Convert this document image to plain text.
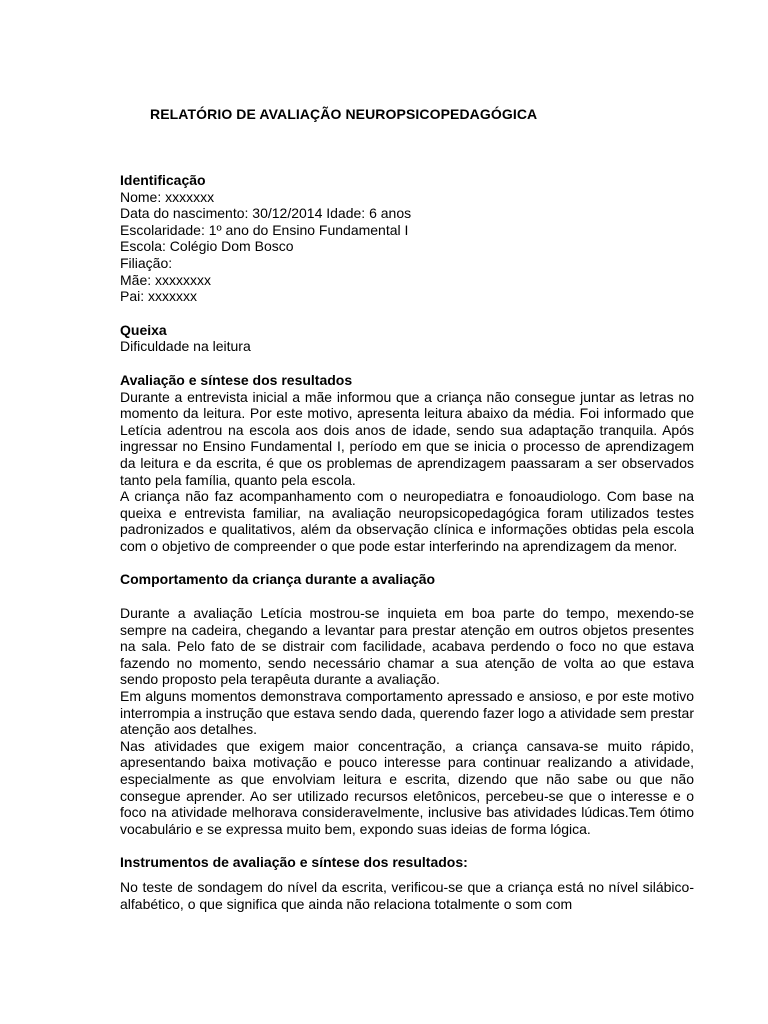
RELATÓRIO DE AVALIAÇÃO NEUROPSICOPEDAGÓGICA

Identificação

Nome: xxxxxxx

Data do nascimento: 30/12/2014 Idade: 6 anos

Escolaridade: 1º ano do Ensino Fundamental I

Escola: Colégio Dom Bosco

Filiação:

Mãe: xxxxxxxx

Pai: xxxxxxx

Queixa

Dificuldade na leitura

Avaliação e síntese dos resultados

Durante a entrevista inicial a mãe informou que a criança não consegue juntar as letras no momento da leitura. Por este motivo, apresenta leitura abaixo da média. Foi informado que Letícia adentrou na escola aos dois anos de idade, sendo sua adaptação tranquila. Após ingressar no Ensino Fundamental I, período em que se inicia o processo de aprendizagem da leitura e da escrita, é que os problemas de aprendizagem paassaram a ser observados tanto pela família, quanto pela escola.

A criança não faz acompanhamento com o neuropediatra e fonoaudiologo. Com base na queixa e entrevista familiar, na avaliação neuropsicopedagógica foram utilizados testes padronizados e qualitativos, além da observação clínica e informações obtidas pela escola com o objetivo de compreender o que pode estar interferindo na aprendizagem da menor.

Comportamento da criança durante a avaliação

Durante a avaliação Letícia mostrou-se inquieta em boa parte do tempo, mexendo-se sempre na cadeira, chegando a levantar para prestar atenção em outros objetos presentes na sala. Pelo fato de se distrair com facilidade, acabava perdendo o foco no que estava fazendo no momento, sendo necessário chamar a sua atenção de volta ao que estava sendo proposto pela terapêuta durante a avaliação.

Em alguns momentos demonstrava comportamento apressado e ansioso, e por este motivo interrompia a instrução que estava sendo dada, querendo fazer logo a atividade sem prestar atenção aos detalhes.

Nas atividades que exigem maior concentração, a criança cansava-se muito rápido, apresentando baixa motivação e pouco interesse para continuar realizando a atividade, especialmente as que envolviam leitura e escrita, dizendo que não sabe ou que não consegue aprender. Ao ser utilizado recursos eletônicos, percebeu-se que o interesse e o foco na atividade melhorava consideravelmente, inclusive bas atividades lúdicas.Tem ótimo vocabulário e se expressa muito bem, expondo suas ideias de forma lógica.

Instrumentos de avaliação e síntese dos resultados:

No teste de sondagem do nível da escrita, verificou-se que a criança está no nível silábico-alfabético, o que significa que ainda não relaciona totalmente o som com
